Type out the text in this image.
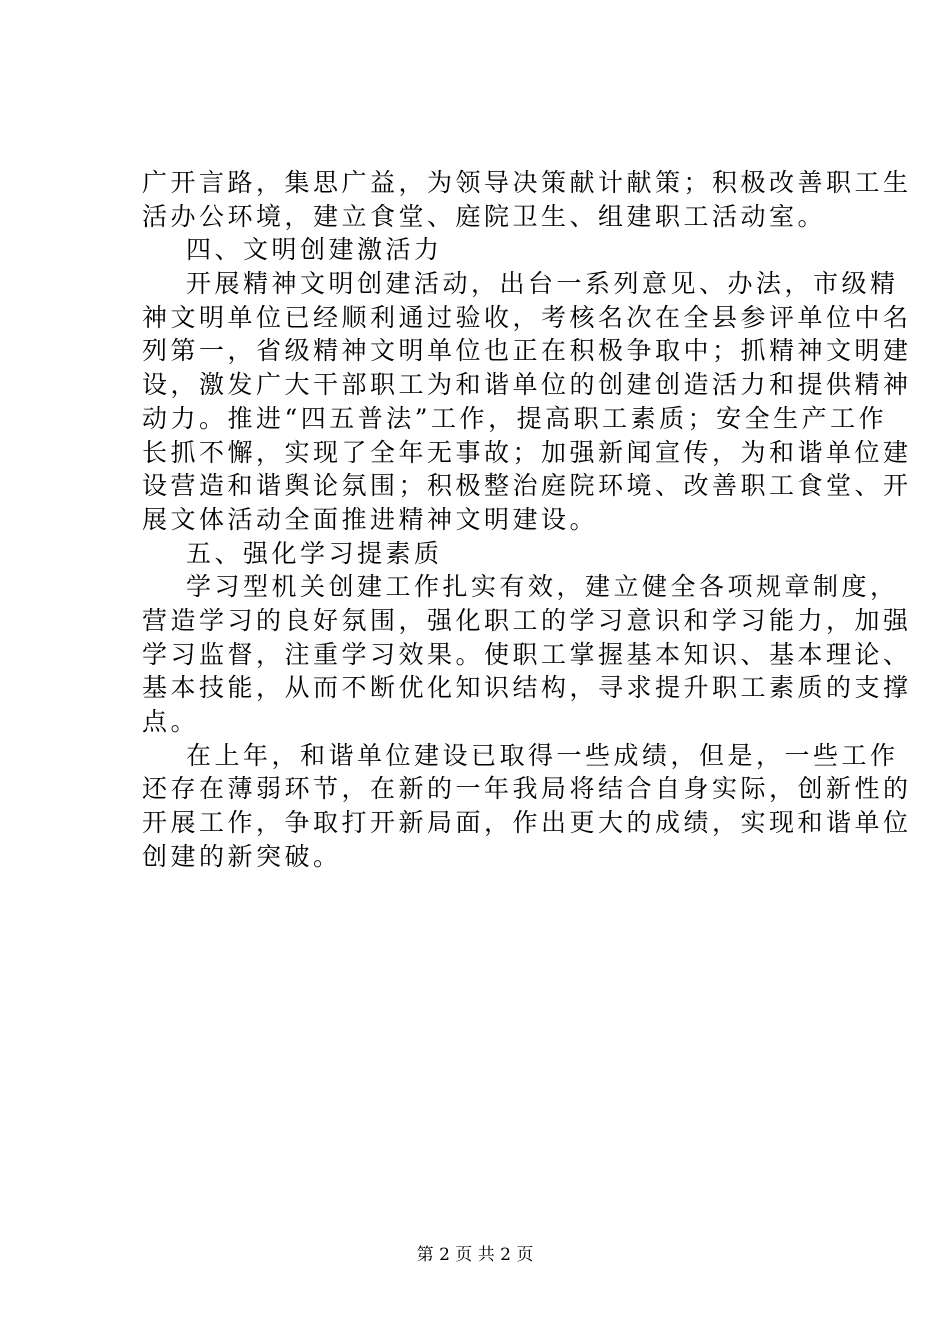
广开言路，集思广益，为领导决策献计献策；积极改善职工生
活办公环境，建立食堂、庭院卫生、组建职工活动室。
四、文明创建激活力
开展精神文明创建活动，出台一系列意见、办法，市级精
神文明单位已经顺利通过验收，考核名次在全县参评单位中名
列第一，省级精神文明单位也正在积极争取中；抓精神文明建
设，激发广大干部职工为和谐单位的创建创造活力和提供精神
动力。推进“四五普法”工作，提高职工素质；安全生产工作
长抓不懈，实现了全年无事故；加强新闻宣传，为和谐单位建
设营造和谐舆论氛围；积极整治庭院环境、改善职工食堂、开
展文体活动全面推进精神文明建设。
五、强化学习提素质
学习型机关创建工作扎实有效，建立健全各项规章制度，
营造学习的良好氛围，强化职工的学习意识和学习能力，加强
学习监督，注重学习效果。使职工掌握基本知识、基本理论、
基本技能，从而不断优化知识结构，寻求提升职工素质的支撑
点。
在上年，和谐单位建设已取得一些成绩，但是，一些工作
还存在薄弱环节，在新的一年我局将结合自身实际，创新性的
开展工作，争取打开新局面，作出更大的成绩，实现和谐单位
创建的新突破。
第 2 页 共 2 页
